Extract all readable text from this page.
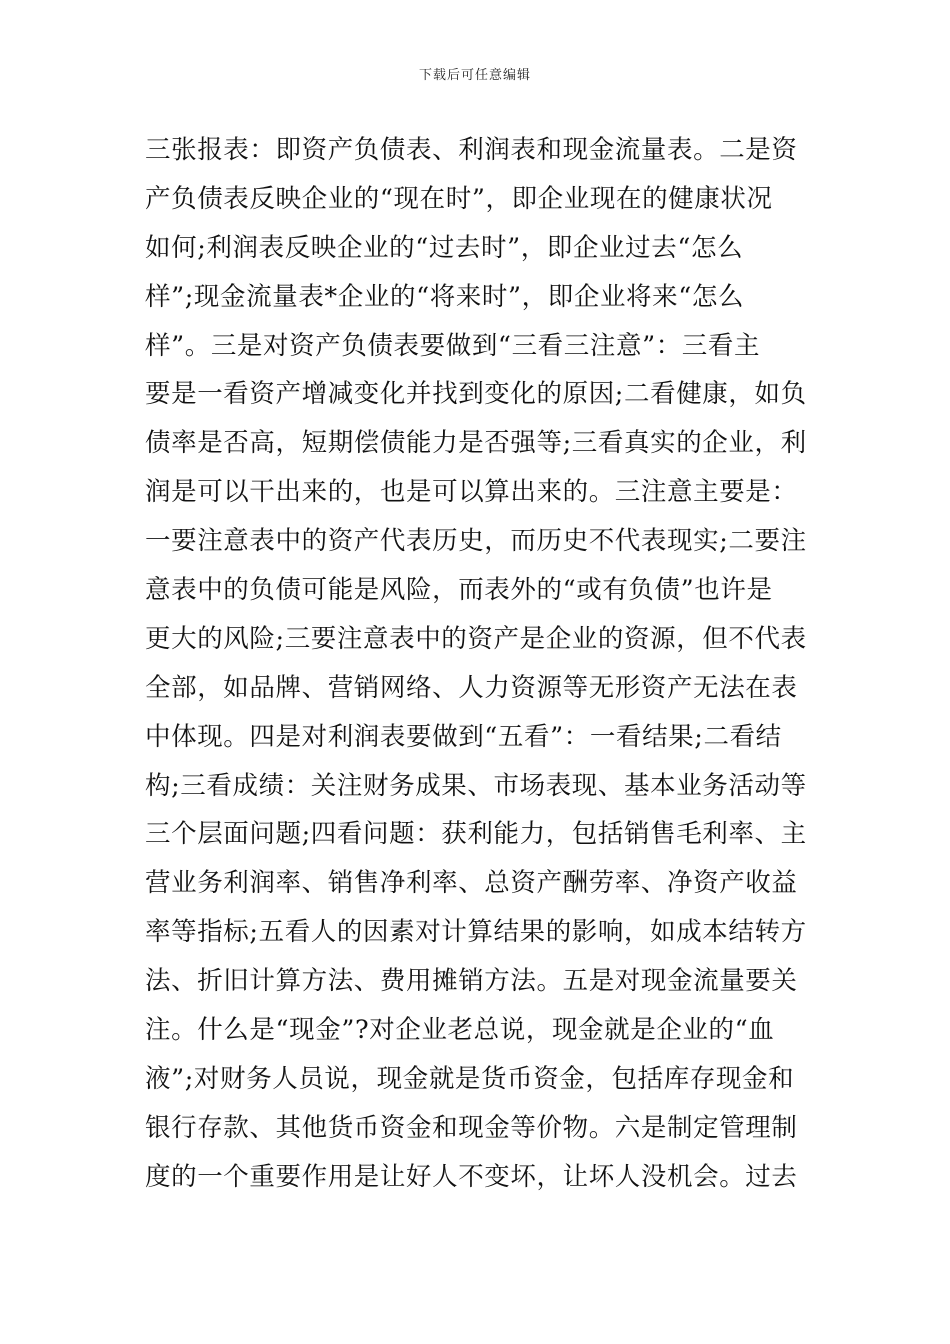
下载后可任意编辑
三张报表：即资产负债表、利润表和现金流量表。二是资
产负债表反映企业的“现在时”，即企业现在的健康状况
如何;利润表反映企业的“过去时”，即企业过去“怎么
样”;现金流量表*企业的“将来时”，即企业将来“怎么
样”。三是对资产负债表要做到“三看三注意”：三看主
要是一看资产增减变化并找到变化的原因;二看健康，如负
债率是否高，短期偿债能力是否强等;三看真实的企业，利
润是可以干出来的，也是可以算出来的。三注意主要是：
一要注意表中的资产代表历史，而历史不代表现实;二要注
意表中的负债可能是风险，而表外的“或有负债”也许是
更大的风险;三要注意表中的资产是企业的资源，但不代表
全部，如品牌、营销网络、人力资源等无形资产无法在表
中体现。四是对利润表要做到“五看”：一看结果;二看结
构;三看成绩：关注财务成果、市场表现、基本业务活动等
三个层面问题;四看问题：获利能力，包括销售毛利率、主
营业务利润率、销售净利率、总资产酬劳率、净资产收益
率等指标;五看人的因素对计算结果的影响，如成本结转方
法、折旧计算方法、费用摊销方法。五是对现金流量要关
注。什么是“现金”?对企业老总说，现金就是企业的“血
液”;对财务人员说，现金就是货币资金，包括库存现金和
银行存款、其他货币资金和现金等价物。六是制定管理制
度的一个重要作用是让好人不变坏，让坏人没机会。过去
